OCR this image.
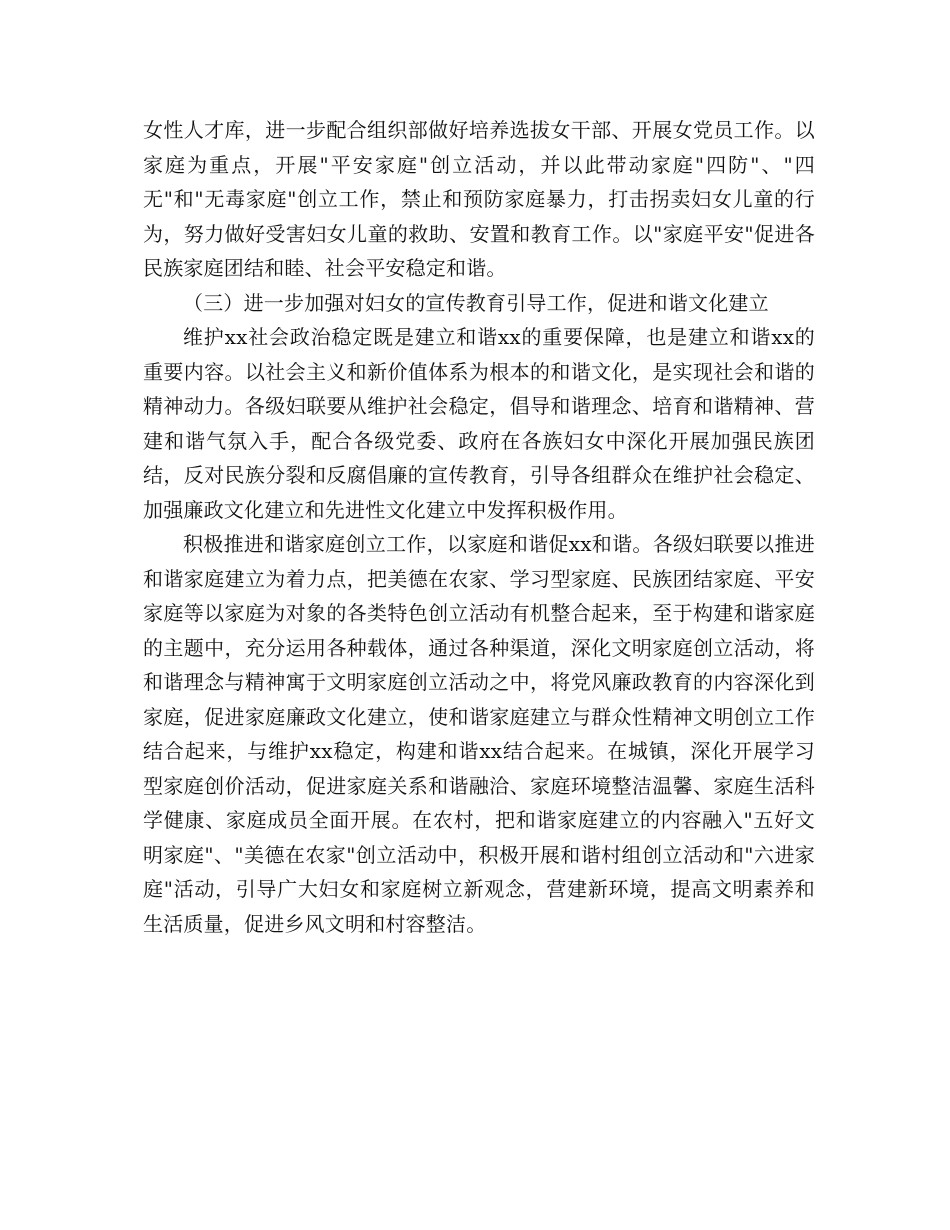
女性人才库，进一步配合组织部做好培养选拔女干部、开展女党员工作。以家庭为重点，开展"平安家庭"创立活动，并以此带动家庭"四防"、"四无"和"无毒家庭"创立工作，禁止和预防家庭暴力，打击拐卖妇女儿童的行为，努力做好受害妇女儿童的救助、安置和教育工作。以"家庭平安"促进各民族家庭团结和睦、社会平安稳定和谐。

（三）进一步加强对妇女的宣传教育引导工作，促进和谐文化建立

维护xx社会政治稳定既是建立和谐xx的重要保障，也是建立和谐xx的重要内容。以社会主义和新价值体系为根本的和谐文化，是实现社会和谐的精神动力。各级妇联要从维护社会稳定，倡导和谐理念、培育和谐精神、营建和谐气氛入手，配合各级党委、政府在各族妇女中深化开展加强民族团结，反对民族分裂和反腐倡廉的宣传教育，引导各组群众在维护社会稳定、加强廉政文化建立和先进性文化建立中发挥积极作用。

积极推进和谐家庭创立工作，以家庭和谐促xx和谐。各级妇联要以推进和谐家庭建立为着力点，把美德在农家、学习型家庭、民族团结家庭、平安家庭等以家庭为对象的各类特色创立活动有机整合起来，至于构建和谐家庭的主题中，充分运用各种载体，通过各种渠道，深化文明家庭创立活动，将和谐理念与精神寓于文明家庭创立活动之中，将党风廉政教育的内容深化到家庭，促进家庭廉政文化建立，使和谐家庭建立与群众性精神文明创立工作结合起来，与维护xx稳定，构建和谐xx结合起来。在城镇，深化开展学习型家庭创价活动，促进家庭关系和谐融洽、家庭环境整洁温馨、家庭生活科学健康、家庭成员全面开展。在农村，把和谐家庭建立的内容融入"五好文明家庭"、"美德在农家"创立活动中，积极开展和谐村组创立活动和"六进家庭"活动，引导广大妇女和家庭树立新观念，营建新环境，提高文明素养和生活质量，促进乡风文明和村容整洁。
